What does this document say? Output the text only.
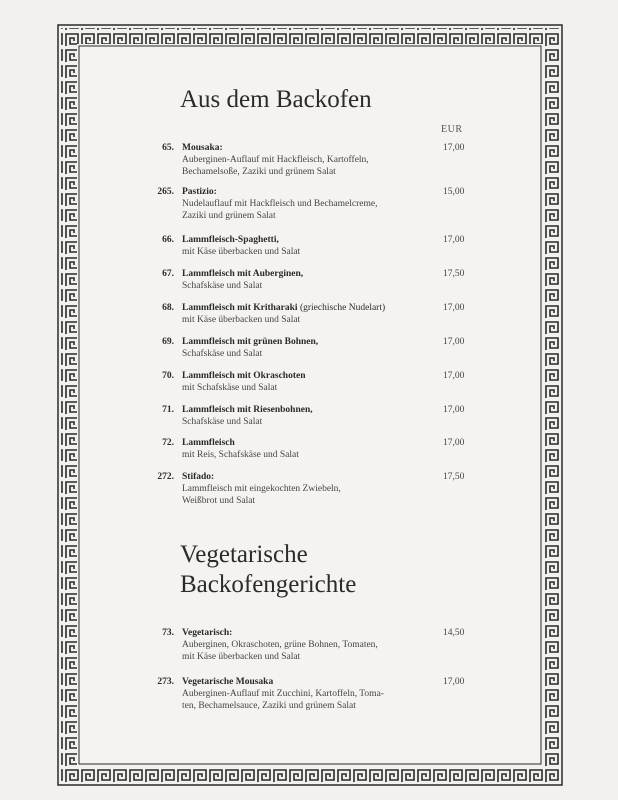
Aus dem Backofen
EUR
65. Mousaka:
Auberginen-Auflauf mit Hackfleisch, Kartoffeln,
Bechamelsoße, Zaziki und grünem Salat
17,00
265. Pastizio:
Nudelauflauf mit Hackfleisch und Bechamelcreme,
Zaziki und grünem Salat
15,00
66. Lammfleisch-Spaghetti,
mit Käse überbacken und Salat
17,00
67. Lammfleisch mit Auberginen,
Schafskäse und Salat
17,50
68. Lammfleisch mit Kritharaki (griechische Nudelart)
mit Käse überbacken und Salat
17,00
69. Lammfleisch mit grünen Bohnen,
Schafskäse und Salat
17,00
70. Lammfleisch mit Okraschoten
mit Schafskäse und Salat
17,00
71. Lammfleisch mit Riesenbohnen,
Schafskäse und Salat
17,00
72. Lammfleisch
mit Reis, Schafskäse und Salat
17,00
272. Stifado:
Lammfleisch mit eingekochten Zwiebeln,
Weißbrot und Salat
17,50
Vegetarische
Backofengerichte
73. Vegetarisch:
Auberginen, Okraschoten, grüne Bohnen, Tomaten,
mit Käse überbacken und Salat
14,50
273. Vegetarische Mousaka
Auberginen-Auflauf mit Zucchini, Kartoffeln, Toma-
ten, Bechamelsauce, Zaziki und grünem Salat
17,00
